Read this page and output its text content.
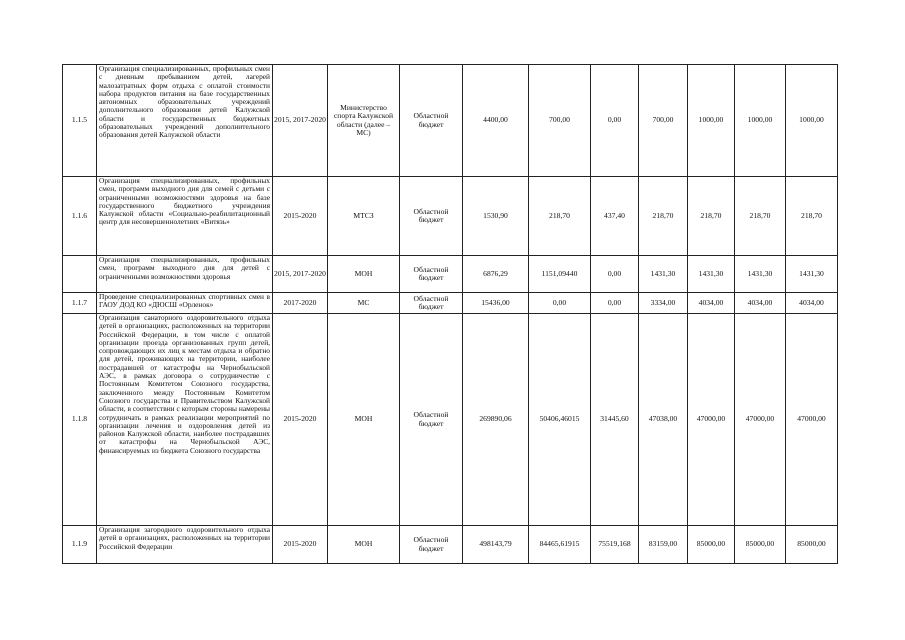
1.1.5	Организация специализированных, профильных смен с дневным пребыванием детей, лагерей малозатратных форм отдыха с оплатой стоимости набора продуктов питания на базе государственных автономных образовательных учреждений дополнительного образования детей Калужской области и государственных бюджетных образовательных учреждений дополнительного образования детей Калужской области	2015, 2017-2020	Министерство спорта Калужской области (далее – МС)	Областной бюджет	4400,00	700,00	0,00	700,00	1000,00	1000,00	1000,00
1.1.6	Организация специализированных, профильных смен, программ выходного дня для семей с детьми с ограниченными возможностями здоровья на базе государственного бюджетного учреждения Калужской области «Социально-реабилитационный центр для несовершеннолетних «Витязь»	2015-2020	МТСЗ	Областной бюджет	1530,90	218,70	437,40	218,70	218,70	218,70	218,70
	Организация специализированных, профильных смен, программ выходного дня для детей с ограниченными возможностями здоровья	2015, 2017-2020	МОН	Областной бюджет	6876,29	1151,09440	0,00	1431,30	1431,30	1431,30	1431,30
1.1.7	Проведение специализированных спортивных смен в ГАОУ ДОД КО «ДЮСШ «Орленок»	2017-2020	МС	Областной бюджет	15436,00	0,00	0,00	3334,00	4034,00	4034,00	4034,00
1.1.8	Организация санаторного оздоровительного отдыха детей в организациях, расположенных на территории Российской Федерации, в том числе с оплатой организации проезда организованных групп детей, сопровождающих их лиц к местам отдыха и обратно для детей, проживающих на территории, наиболее пострадавшей от катастрофы на Чернобыльской АЭС, в рамках договора о сотрудничестве с Постоянным Комитетом Союзного государства, заключенного между Постоянным Комитетом Союзного государства и Правительством Калужской области, в соответствии с которым стороны намерены сотрудничать в рамках реализации мероприятий по организации лечения и оздоровления детей из районов Калужской области, наиболее пострадавших от катастрофы на Чернобыльской АЭС, финансируемых из бюджета Союзного государства	2015-2020	МОН	Областной бюджет	269890,06	50406,46015	31445,60	47038,00	47000,00	47000,00	47000,00
1.1.9	Организация загородного оздоровительного отдыха детей в организациях, расположенных на территории Российской Федерации	2015-2020	МОН	Областной бюджет	498143,79	84465,61915	75519,168	83159,00	85000,00	85000,00	85000,00
